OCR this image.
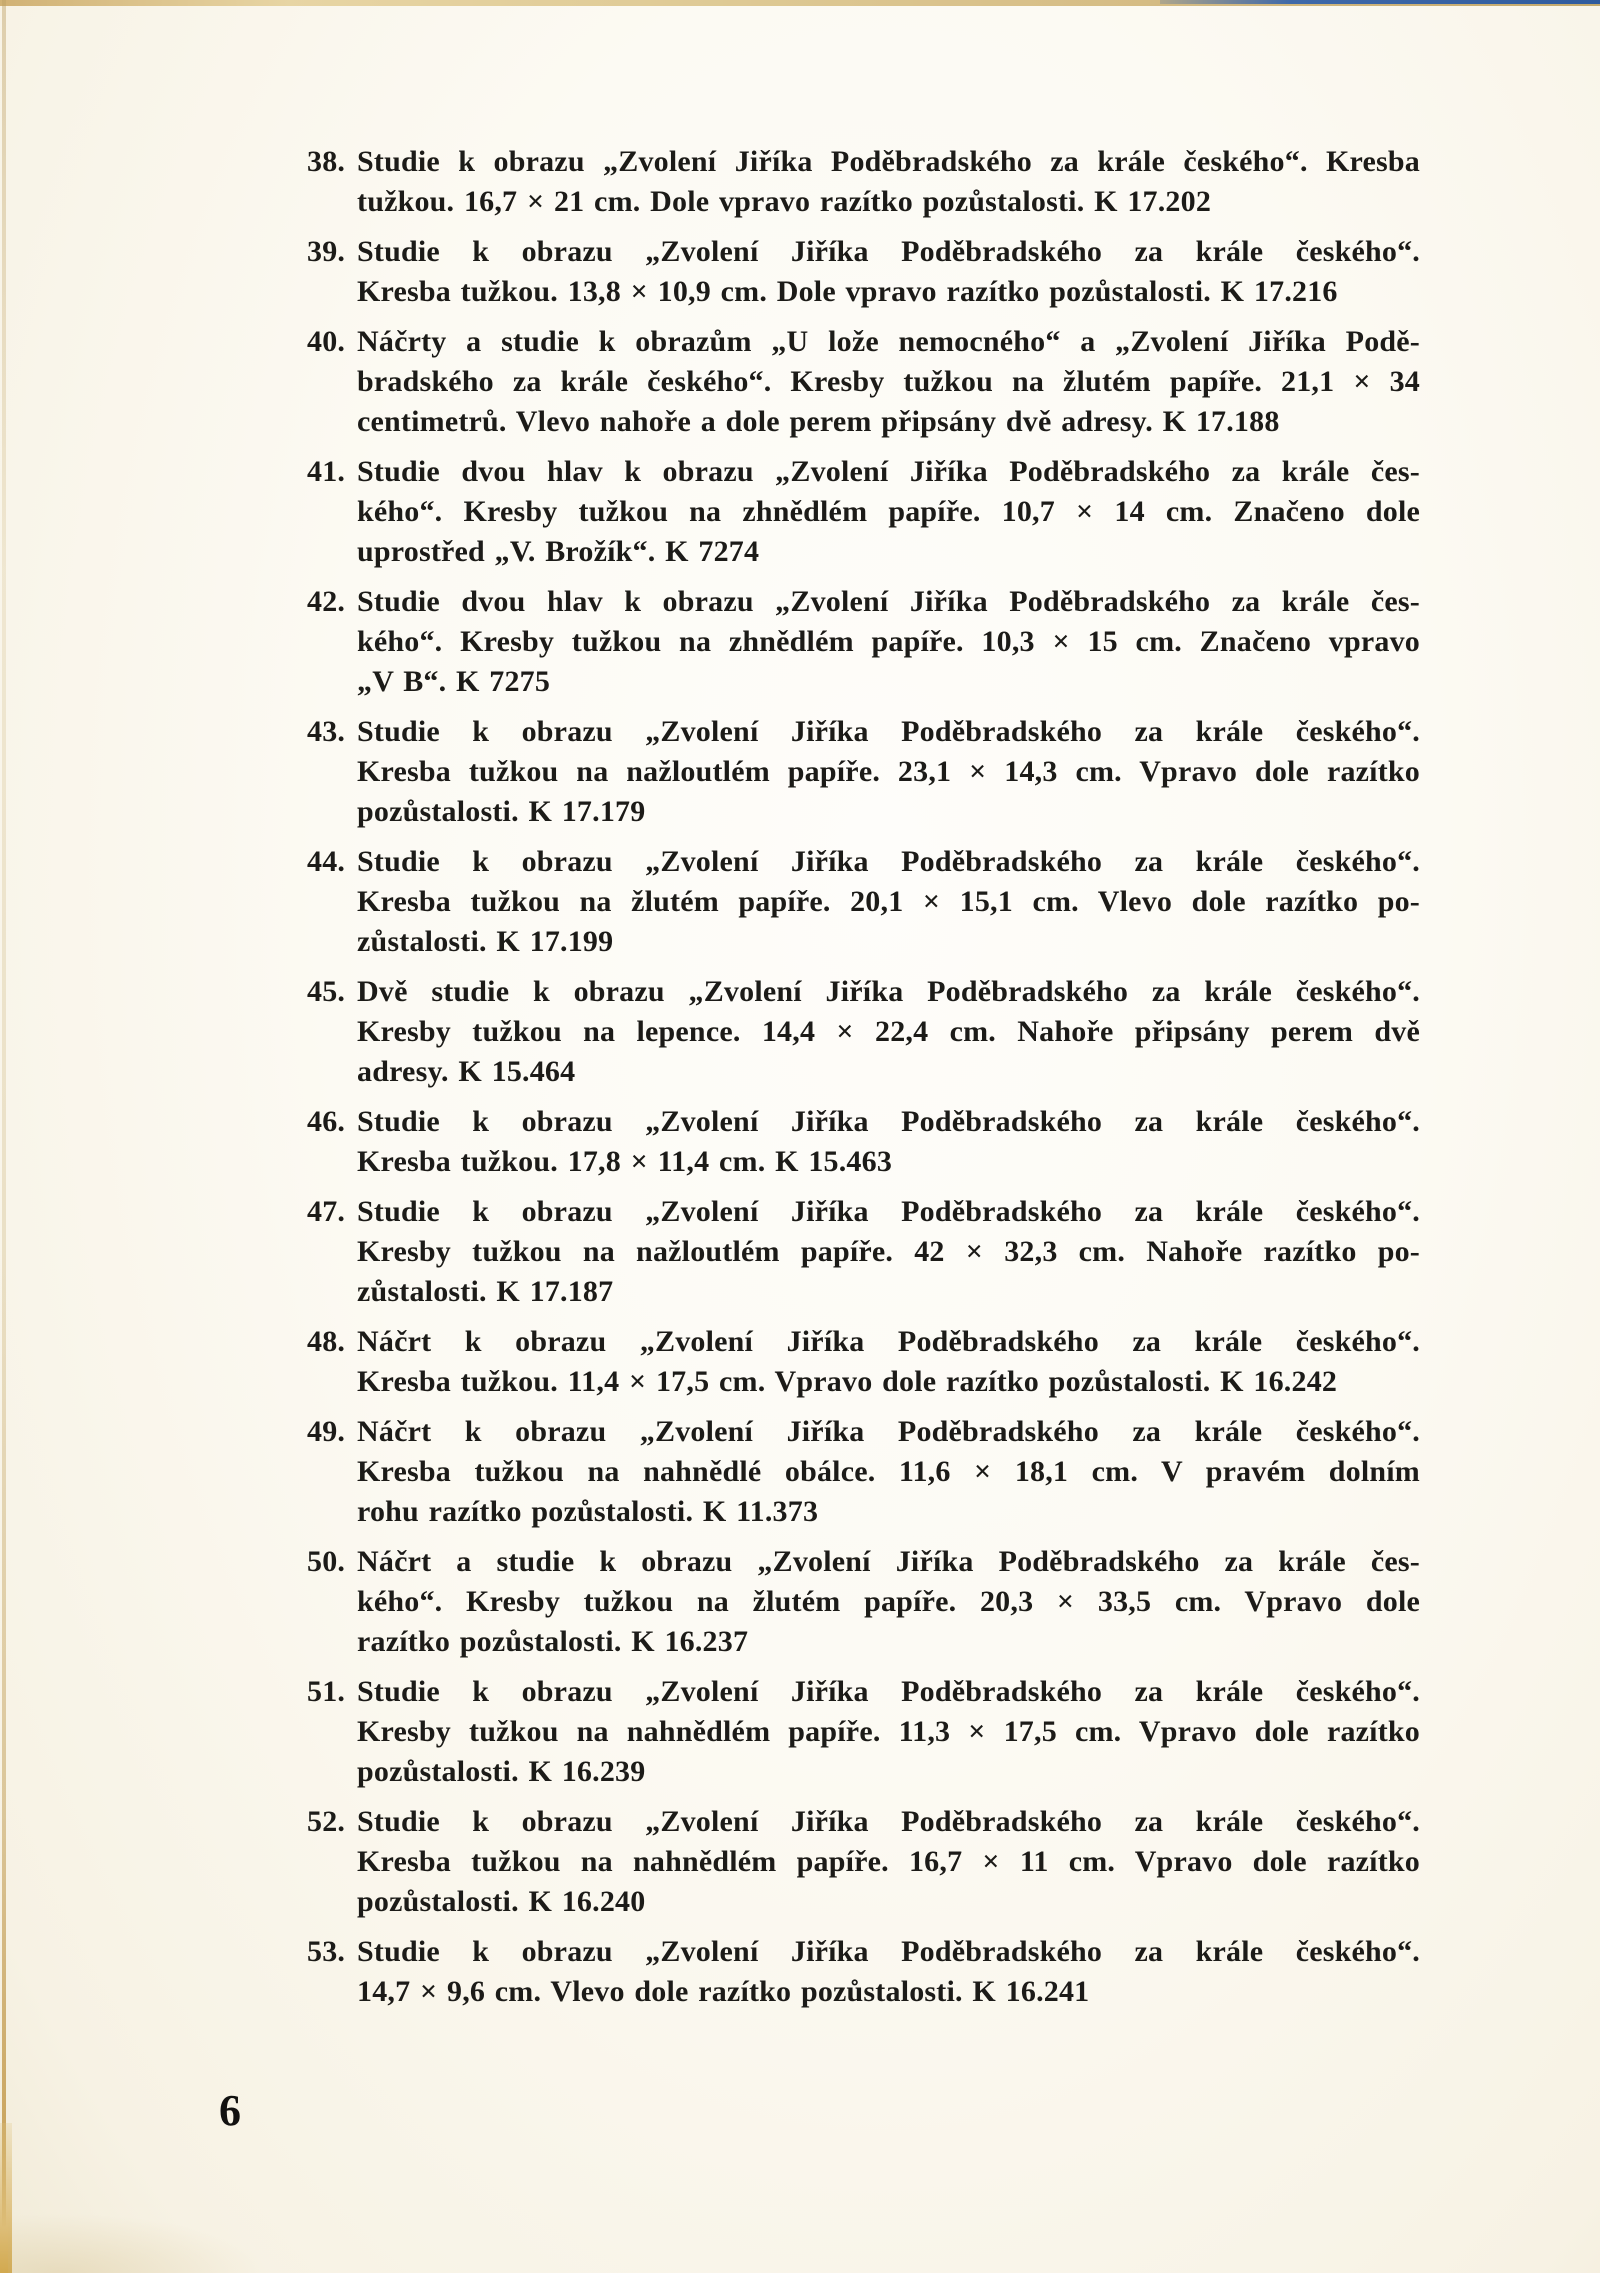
38. Studie k obrazu „Zvolení Jiříka Poděbradského za krále českého“. Kresba
tužkou. 16,7 × 21 cm. Dole vpravo razítko pozůstalosti. K 17.202
39. Studie k obrazu „Zvolení Jiříka Poděbradského za krále českého“.
Kresba tužkou. 13,8 × 10,9 cm. Dole vpravo razítko pozůstalosti. K 17.216
40. Náčrty a studie k obrazům „U lože nemocného“ a „Zvolení Jiříka Podě-
bradského za krále českého“. Kresby tužkou na žlutém papíře. 21,1 × 34
centimetrů. Vlevo nahoře a dole perem připsány dvě adresy. K 17.188
41. Studie dvou hlav k obrazu „Zvolení Jiříka Poděbradského za krále čes-
kého“. Kresby tužkou na zhnědlém papíře. 10,7 × 14 cm. Značeno dole
uprostřed „V. Brožík“. K 7274
42. Studie dvou hlav k obrazu „Zvolení Jiříka Poděbradského za krále čes-
kého“. Kresby tužkou na zhnědlém papíře. 10,3 × 15 cm. Značeno vpravo
„V B“. K 7275
43. Studie k obrazu „Zvolení Jiříka Poděbradského za krále českého“.
Kresba tužkou na nažloutlém papíře. 23,1 × 14,3 cm. Vpravo dole razítko
pozůstalosti. K 17.179
44. Studie k obrazu „Zvolení Jiříka Poděbradského za krále českého“.
Kresba tužkou na žlutém papíře. 20,1 × 15,1 cm. Vlevo dole razítko po-
zůstalosti. K 17.199
45. Dvě studie k obrazu „Zvolení Jiříka Poděbradského za krále českého“.
Kresby tužkou na lepence. 14,4 × 22,4 cm. Nahoře připsány perem dvě
adresy. K 15.464
46. Studie k obrazu „Zvolení Jiříka Poděbradského za krále českého“.
Kresba tužkou. 17,8 × 11,4 cm. K 15.463
47. Studie k obrazu „Zvolení Jiříka Poděbradského za krále českého“.
Kresby tužkou na nažloutlém papíře. 42 × 32,3 cm. Nahoře razítko po-
zůstalosti. K 17.187
48. Náčrt k obrazu „Zvolení Jiříka Poděbradského za krále českého“.
Kresba tužkou. 11,4 × 17,5 cm. Vpravo dole razítko pozůstalosti. K 16.242
49. Náčrt k obrazu „Zvolení Jiříka Poděbradského za krále českého“.
Kresba tužkou na nahnědlé obálce. 11,6 × 18,1 cm. V pravém dolním
rohu razítko pozůstalosti. K 11.373
50. Náčrt a studie k obrazu „Zvolení Jiříka Poděbradského za krále čes-
kého“. Kresby tužkou na žlutém papíře. 20,3 × 33,5 cm. Vpravo dole
razítko pozůstalosti. K 16.237
51. Studie k obrazu „Zvolení Jiříka Poděbradského za krále českého“.
Kresby tužkou na nahnědlém papíře. 11,3 × 17,5 cm. Vpravo dole razítko
pozůstalosti. K 16.239
52. Studie k obrazu „Zvolení Jiříka Poděbradského za krále českého“.
Kresba tužkou na nahnědlém papíře. 16,7 × 11 cm. Vpravo dole razítko
pozůstalosti. K 16.240
53. Studie k obrazu „Zvolení Jiříka Poděbradského za krále českého“.
14,7 × 9,6 cm. Vlevo dole razítko pozůstalosti. K 16.241
6
